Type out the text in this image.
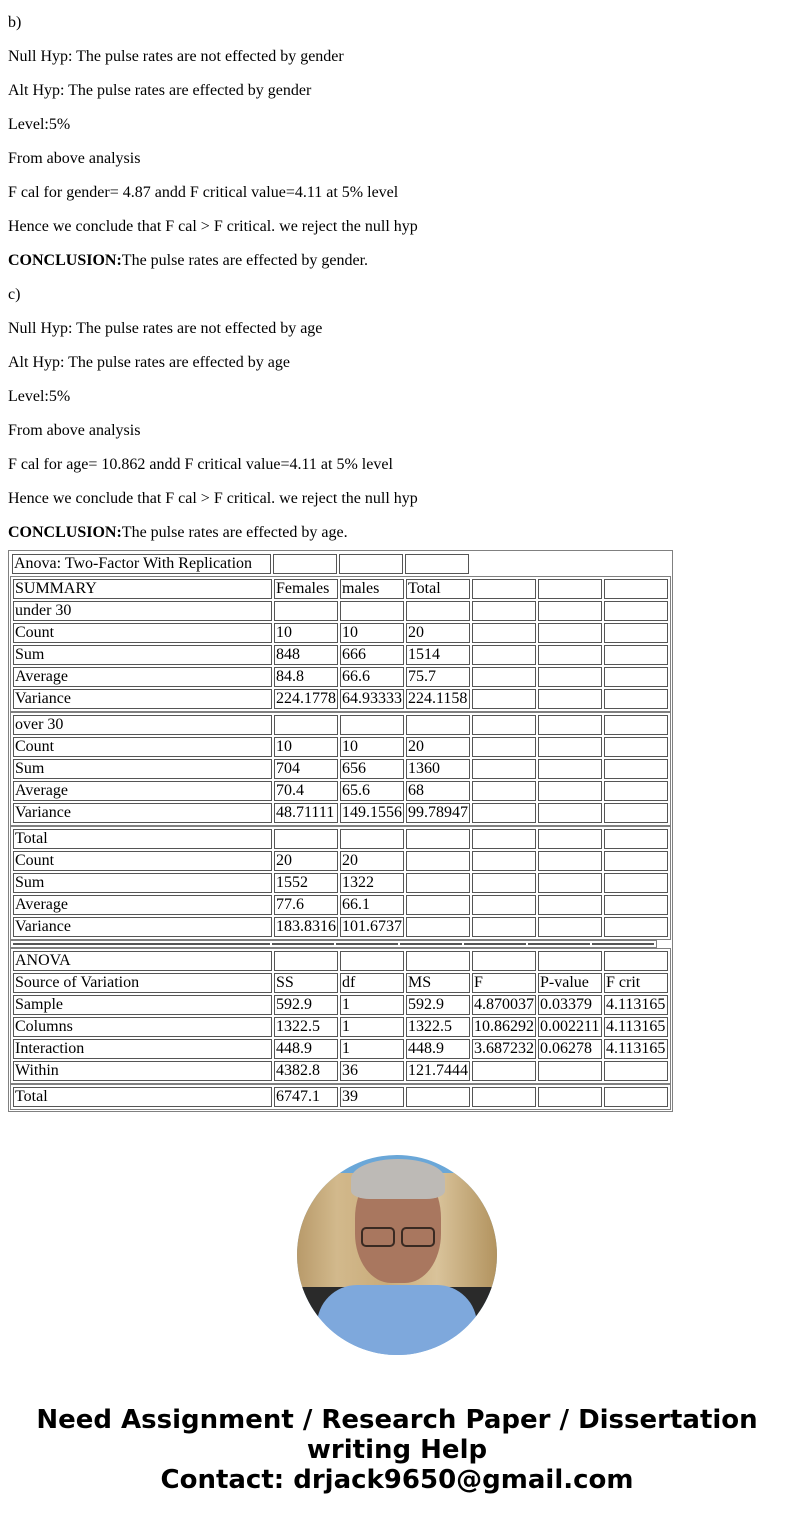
b)
Null Hyp: The pulse rates are not effected by gender
Alt Hyp: The pulse rates are effected by gender
Level:5%
From above analysis
F cal for gender= 4.87 andd F critical value=4.11 at 5% level
Hence we conclude that F cal > F critical. we reject the null hyp
CONCLUSION:The pulse rates are effected by gender.
c)
Null Hyp: The pulse rates are not effected by age
Alt Hyp: The pulse rates are effected by age
Level:5%
From above analysis
F cal for age= 10.862 andd F critical value=4.11 at 5% level
Hence we conclude that F cal > F critical. we reject the null hyp
CONCLUSION:The pulse rates are effected by age.
Anova: Two-Factor With Replication			
SUMMARY	Females	males	Total			
under 30						
Count	10	10	20			
Sum	848	666	1514			
Average	84.8	66.6	75.7			
Variance	224.1778	64.93333	224.1158			
over 30						
Count	10	10	20			
Sum	704	656	1360			
Average	70.4	65.6	68			
Variance	48.71111	149.1556	99.78947			
Total						
Count	20	20				
Sum	1552	1322				
Average	77.6	66.1				
Variance	183.8316	101.6737				

ANOVA						
Source of Variation	SS	df	MS	F	P-value	F crit
Sample	592.9	1	592.9	4.870037	0.03379	4.113165
Columns	1322.5	1	1322.5	10.86292	0.002211	4.113165
Interaction	448.9	1	448.9	3.687232	0.06278	4.113165
Within	4382.8	36	121.7444			
Total	6747.1	39				
Need Assignment / Research Paper / Dissertation
writing Help
Contact: drjack9650@gmail.com
